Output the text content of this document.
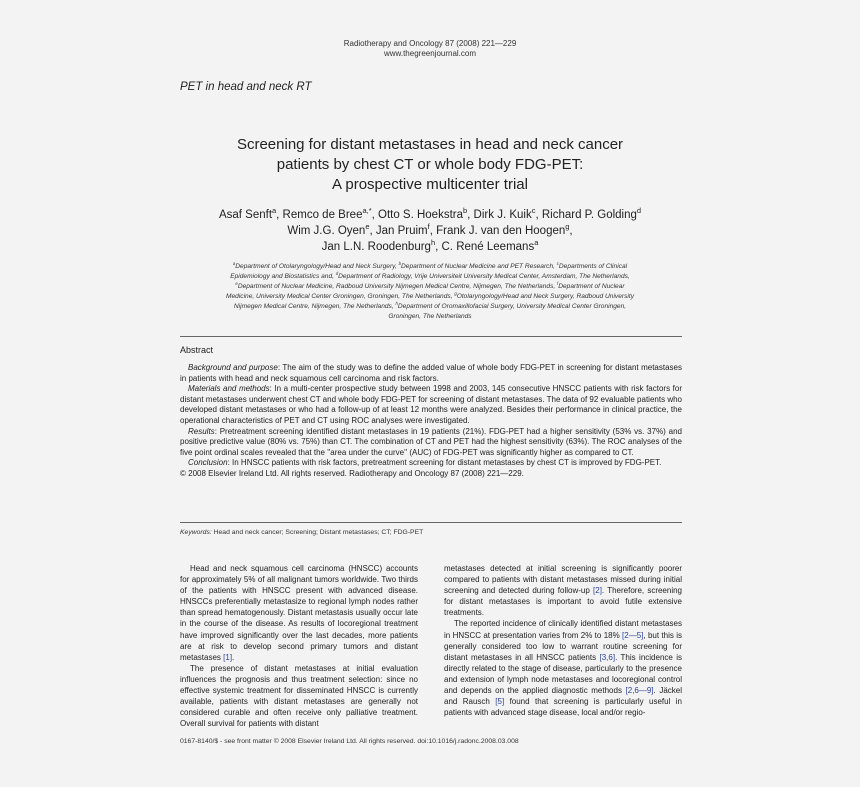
Radiotherapy and Oncology 87 (2008) 221—229
www.thegreenjournal.com
PET in head and neck RT
Screening for distant metastases in head and neck cancer
patients by chest CT or whole body FDG-PET:
A prospective multicenter trial
Asaf Senft$^a$, Remco de Bree$^{a,*}$, Otto S. Hoekstra$^b$, Dirk J. Kuik$^c$, Richard P. Golding$^d$
Wim J.G. Oyen$^e$, Jan Pruim$^f$, Frank J. van den Hoogen$^g$,
Jan L.N. Roodenburg$^h$, C. René Leemans$^a$
$^a$Department of Otolaryngology/Head and Neck Surgery, $^b$Department of Nuclear Medicine and PET Research, $^c$Departments of Clinical
Epidemiology and Biostatistics and, $^d$Department of Radiology, Vrije Universiteit University Medical Center, Amsterdam, The Netherlands,
$^e$Department of Nuclear Medicine, Radboud University Nijmegen Medical Centre, Nijmegen, The Netherlands, $^f$Department of Nuclear
Medicine, University Medical Center Groningen, Groningen, The Netherlands, $^g$Otolaryngology/Head and Neck Surgery, Radboud University
Nijmegen Medical Centre, Nijmegen, The Netherlands, $^h$Department of Oromaxillofacial Surgery, University Medical Center Groningen,
Groningen, The Netherlands
Abstract

Background and purpose: The aim of the study was to define the added value of whole body FDG-PET in screening for distant metastases in patients with head and neck squamous cell carcinoma and risk factors.

Materials and methods: In a multi-center prospective study between 1998 and 2003, 145 consecutive HNSCC patients with risk factors for distant metastases underwent chest CT and whole body FDG-PET for screening of distant metastases. The data of 92 evaluable patients who developed distant metastases or who had a follow-up of at least 12 months were analyzed. Besides their performance in clinical practice, the operational characteristics of PET and CT using ROC analyses were investigated.

Results: Pretreatment screening identified distant metastases in 19 patients (21%). FDG-PET had a higher sensitivity (53% vs. 37%) and positive predictive value (80% vs. 75%) than CT. The combination of CT and PET had the highest sensitivity (63%). The ROC analyses of the five point ordinal scales revealed that the ''area under the curve'' (AUC) of FDG-PET was significantly higher as compared to CT.

Conclusion: In HNSCC patients with risk factors, pretreatment screening for distant metastases by chest CT is improved by FDG-PET.

© 2008 Elsevier Ireland Ltd. All rights reserved. Radiotherapy and Oncology 87 (2008) 221—229.

Keywords: Head and neck cancer; Screening; Distant metastases; CT; FDG-PET

Head and neck squamous cell carcinoma (HNSCC) accounts for approximately 5% of all malignant tumors worldwide. Two thirds of the patients with HNSCC present with advanced disease. HNSCCs preferentially metastasize to regional lymph nodes rather than spread hematogenously. Distant metastasis usually occur late in the course of the disease. As results of locoregional treatment have improved significantly over the last decades, more patients are at risk to develop second primary tumors and distant metastases [1].

The presence of distant metastases at initial evaluation influences the prognosis and thus treatment selection: since no effective systemic treatment for disseminated HNSCC is currently available, patients with distant metastases are generally not considered curable and often receive only palliative treatment. Overall survival for patients with distant

metastases detected at initial screening is significantly poorer compared to patients with distant metastases missed during initial screening and detected during follow-up [2]. Therefore, screening for distant metastases is important to avoid futile extensive treatments.

The reported incidence of clinically identified distant metastases in HNSCC at presentation varies from 2% to 18% [2—5], but this is generally considered too low to warrant routine screening for distant metastases in all HNSCC patients [3,6]. This incidence is directly related to the stage of disease, particularly to the presence and extension of lymph node metastases and locoregional control and depends on the applied diagnostic methods [2,6—9]. Jäckel and Rausch [5] found that screening is particularly useful in patients with advanced stage disease, local and/or regio-

0167-8140/$ - see front matter © 2008 Elsevier Ireland Ltd. All rights reserved. doi:10.1016/j.radonc.2008.03.008
